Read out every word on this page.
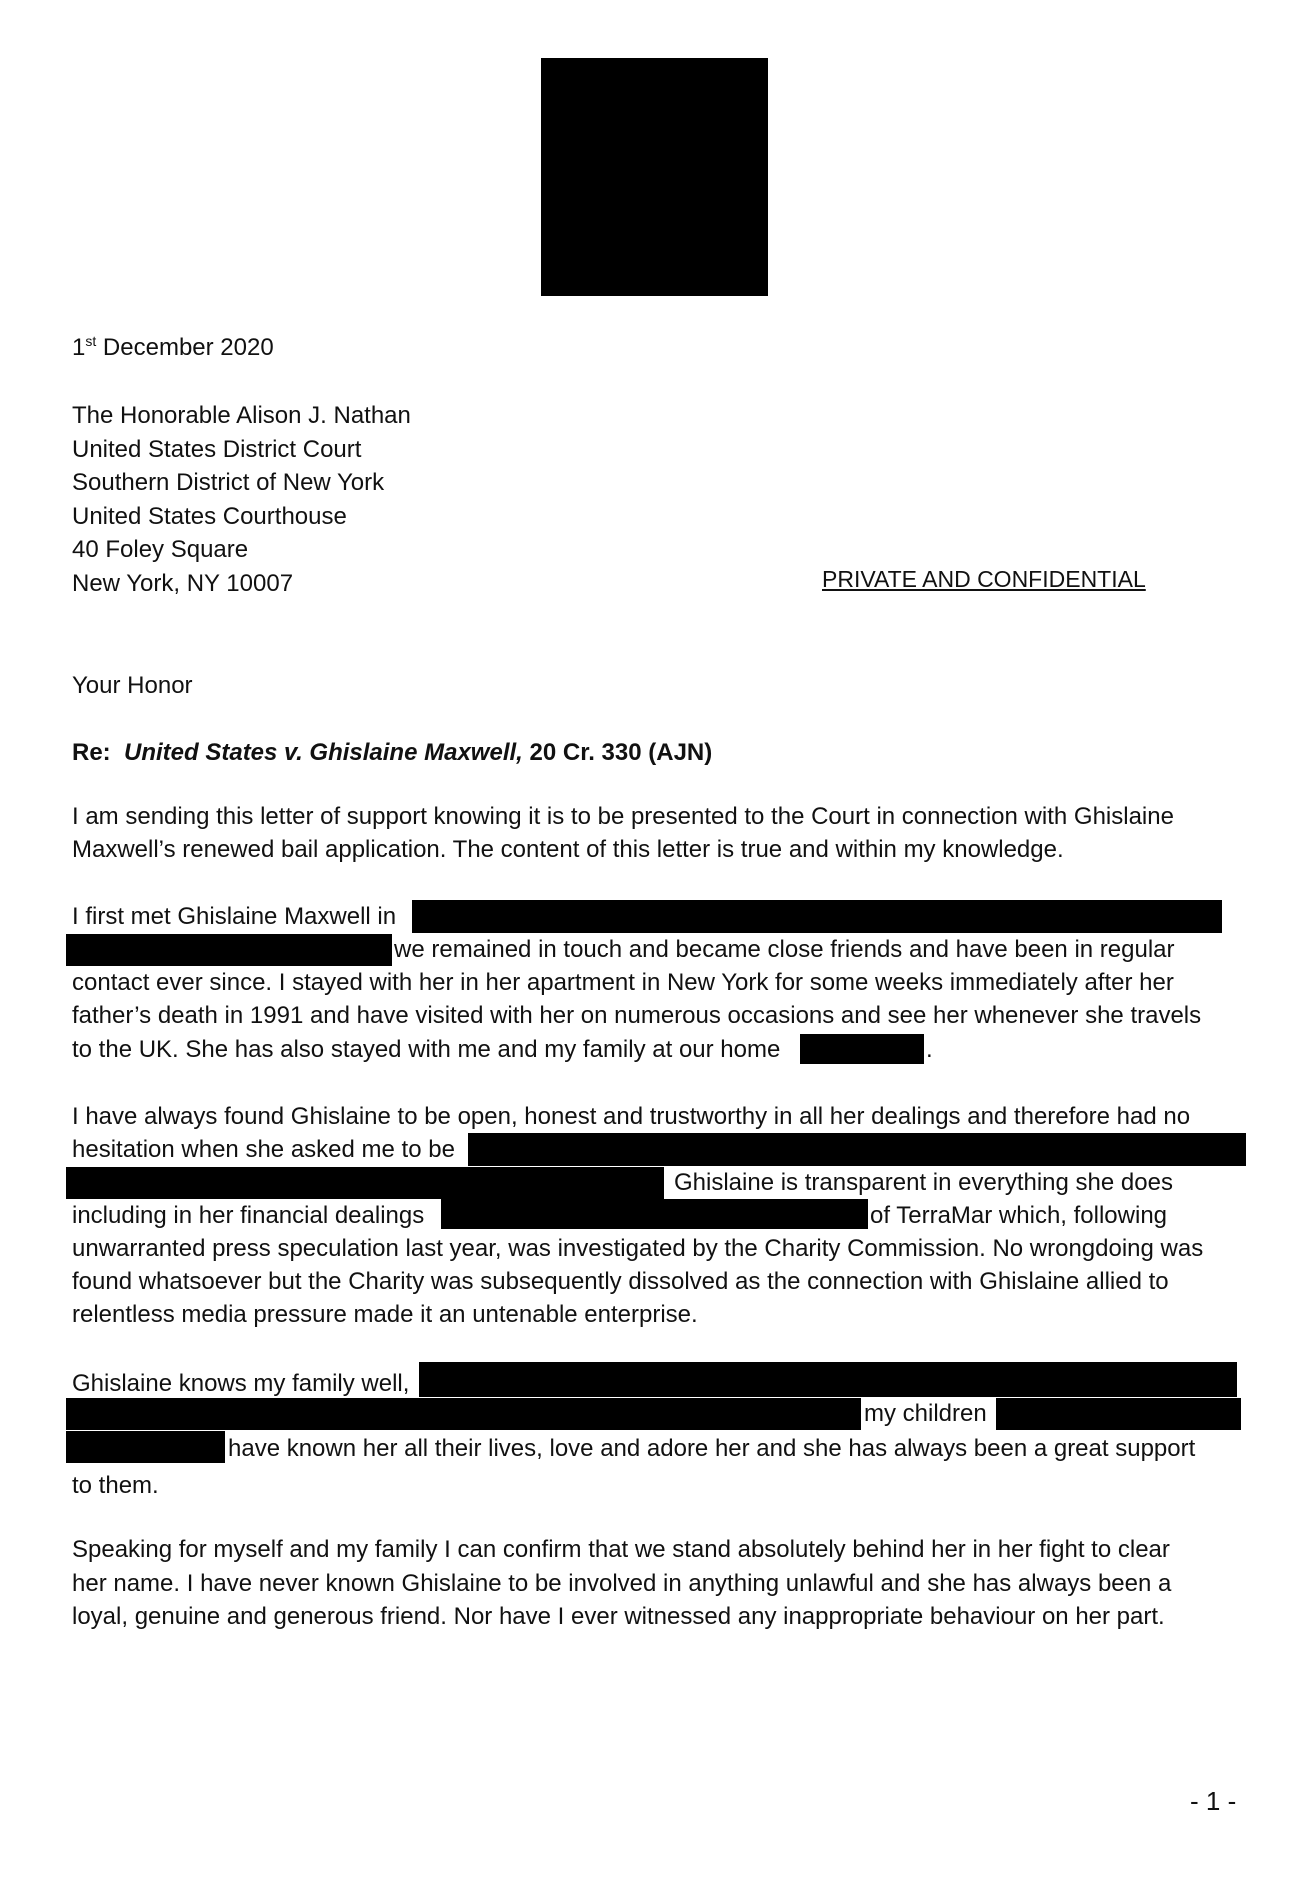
1st December 2020
The Honorable Alison J. Nathan
United States District Court
Southern District of New York
United States Courthouse
40 Foley Square
New York, NY 10007	PRIVATE AND CONFIDENTIAL
Your Honor
Re: United States v. Ghislaine Maxwell, 20 Cr. 330 (AJN)
I am sending this letter of support knowing it is to be presented to the Court in connection with Ghislaine
Maxwell’s renewed bail application. The content of this letter is true and within my knowledge.
I first met Ghislaine Maxwell in
we remained in touch and became close friends and have been in regular
contact ever since. I stayed with her in her apartment in New York for some weeks immediately after her
father’s death in 1991 and have visited with her on numerous occasions and see her whenever she travels
to the UK. She has also stayed with me and my family at our home	.
I have always found Ghislaine to be open, honest and trustworthy in all her dealings and therefore had no
hesitation when she asked me to be
Ghislaine is transparent in everything she does
including in her financial dealings	of TerraMar which, following
unwarranted press speculation last year, was investigated by the Charity Commission. No wrongdoing was
found whatsoever but the Charity was subsequently dissolved as the connection with Ghislaine allied to
relentless media pressure made it an untenable enterprise.
Ghislaine knows my family well,
my children
have known her all their lives, love and adore her and she has always been a great support
to them.
Speaking for myself and my family I can confirm that we stand absolutely behind her in her fight to clear
her name. I have never known Ghislaine to be involved in anything unlawful and she has always been a
loyal, genuine and generous friend. Nor have I ever witnessed any inappropriate behaviour on her part.
- 1 -
